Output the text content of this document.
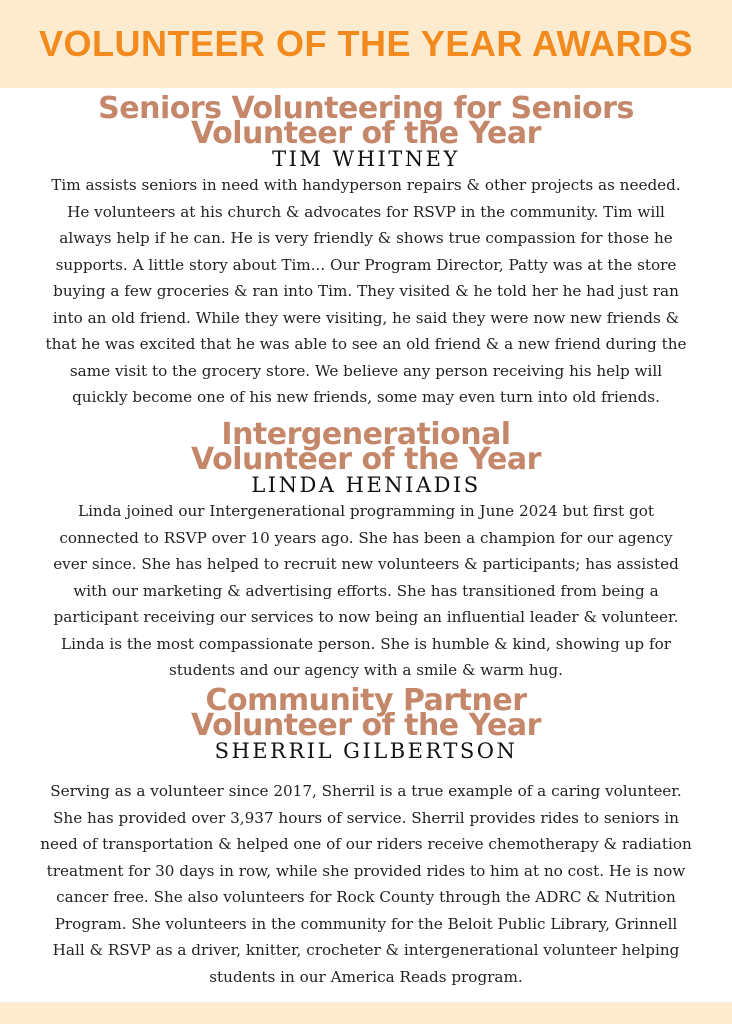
VOLUNTEER OF THE YEAR AWARDS
Seniors Volunteering for Seniors
Volunteer of the Year
TIM WHITNEY

Tim assists seniors in need with handyperson repairs & other projects as needed.
He volunteers at his church & advocates for RSVP in the community. Tim will
always help if he can. He is very friendly & shows true compassion for those he
supports. A little story about Tim... Our Program Director, Patty was at the store
buying a few groceries & ran into Tim. They visited & he told her he had just ran
into an old friend. While they were visiting, he said they were now new friends &
that he was excited that he was able to see an old friend & a new friend during the
same visit to the grocery store. We believe any person receiving his help will
quickly become one of his new friends, some may even turn into old friends.

Intergenerational
Volunteer of the Year
LINDA HENIADIS

Linda joined our Intergenerational programming in June 2024 but first got
connected to RSVP over 10 years ago. She has been a champion for our agency
ever since. She has helped to recruit new volunteers & participants; has assisted
with our marketing & advertising efforts. She has transitioned from being a
participant receiving our services to now being an influential leader & volunteer.
Linda is the most compassionate person. She is humble & kind, showing up for
students and our agency with a smile & warm hug.

Community Partner
Volunteer of the Year
SHERRIL GILBERTSON

Serving as a volunteer since 2017, Sherril is a true example of a caring volunteer.
She has provided over 3,937 hours of service. Sherril provides rides to seniors in
need of transportation & helped one of our riders receive chemotherapy & radiation
treatment for 30 days in row, while she provided rides to him at no cost. He is now
cancer free. She also volunteers for Rock County through the ADRC & Nutrition
Program. She volunteers in the community for the Beloit Public Library, Grinnell
Hall & RSVP as a driver, knitter, crocheter & intergenerational volunteer helping
students in our America Reads program.
